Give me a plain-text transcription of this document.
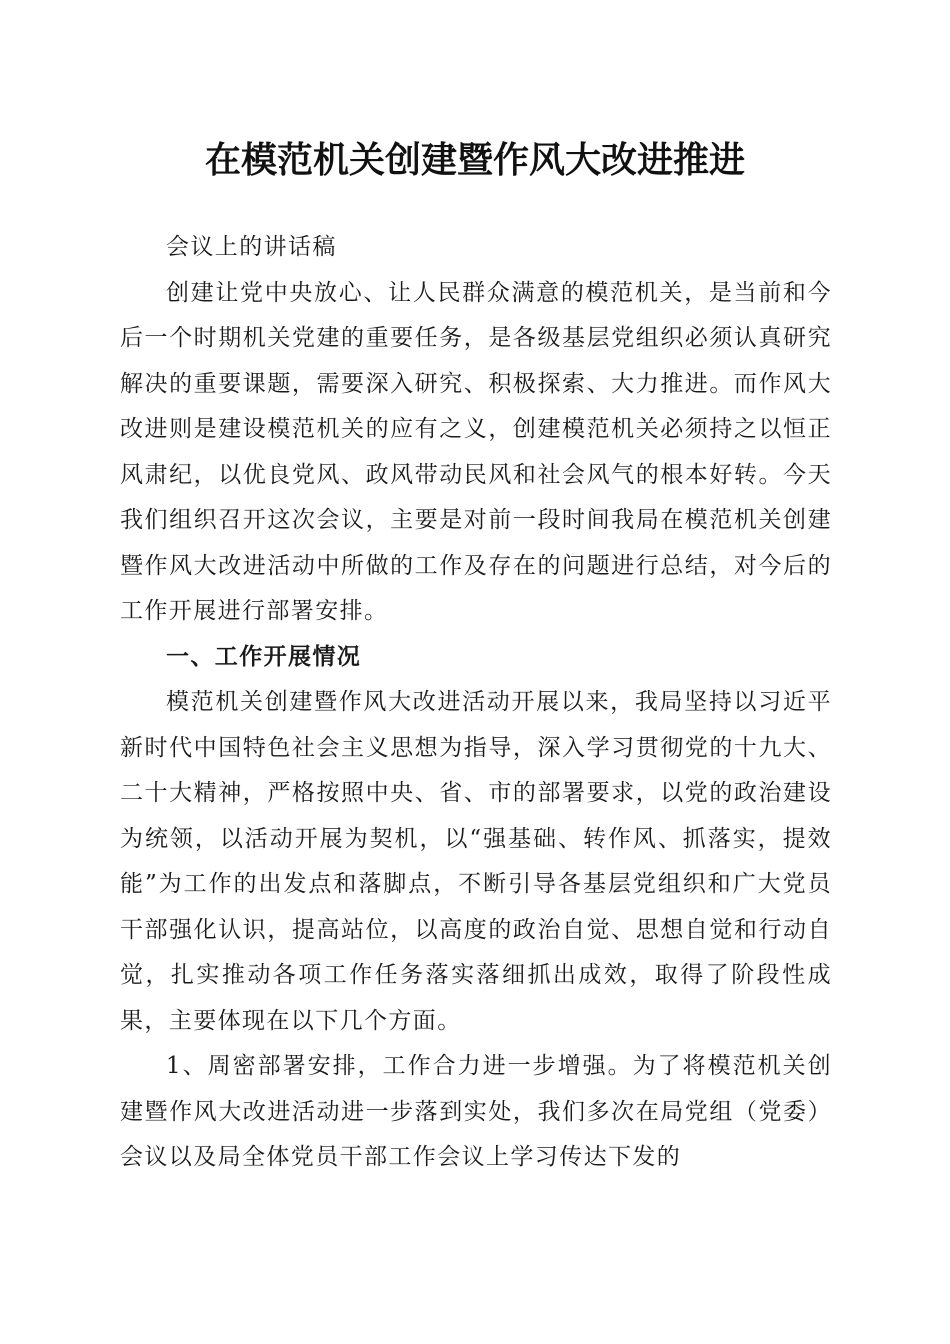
在模范机关创建暨作风大改进推进

会议上的讲话稿

创建让党中央放心、让人民群众满意的模范机关，是当前和今后一个时期机关党建的重要任务，是各级基层党组织必须认真研究解决的重要课题，需要深入研究、积极探索、大力推进。而作风大改进则是建设模范机关的应有之义，创建模范机关必须持之以恒正风肃纪，以优良党风、政风带动民风和社会风气的根本好转。今天我们组织召开这次会议，主要是对前一段时间我局在模范机关创建暨作风大改进活动中所做的工作及存在的问题进行总结，对今后的工作开展进行部署安排。

一、工作开展情况

模范机关创建暨作风大改进活动开展以来，我局坚持以习近平新时代中国特色社会主义思想为指导，深入学习贯彻党的十九大、二十大精神，严格按照中央、省、市的部署要求，以党的政治建设为统领，以活动开展为契机，以“强基础、转作风、抓落实，提效能”为工作的出发点和落脚点，不断引导各基层党组织和广大党员干部强化认识，提高站位，以高度的政治自觉、思想自觉和行动自觉，扎实推动各项工作任务落实落细抓出成效，取得了阶段性成果，主要体现在以下几个方面。

1、周密部署安排，工作合力进一步增强。为了将模范机关创建暨作风大改进活动进一步落到实处，我们多次在局党组（党委）会议以及局全体党员干部工作会议上学习传达下发的
